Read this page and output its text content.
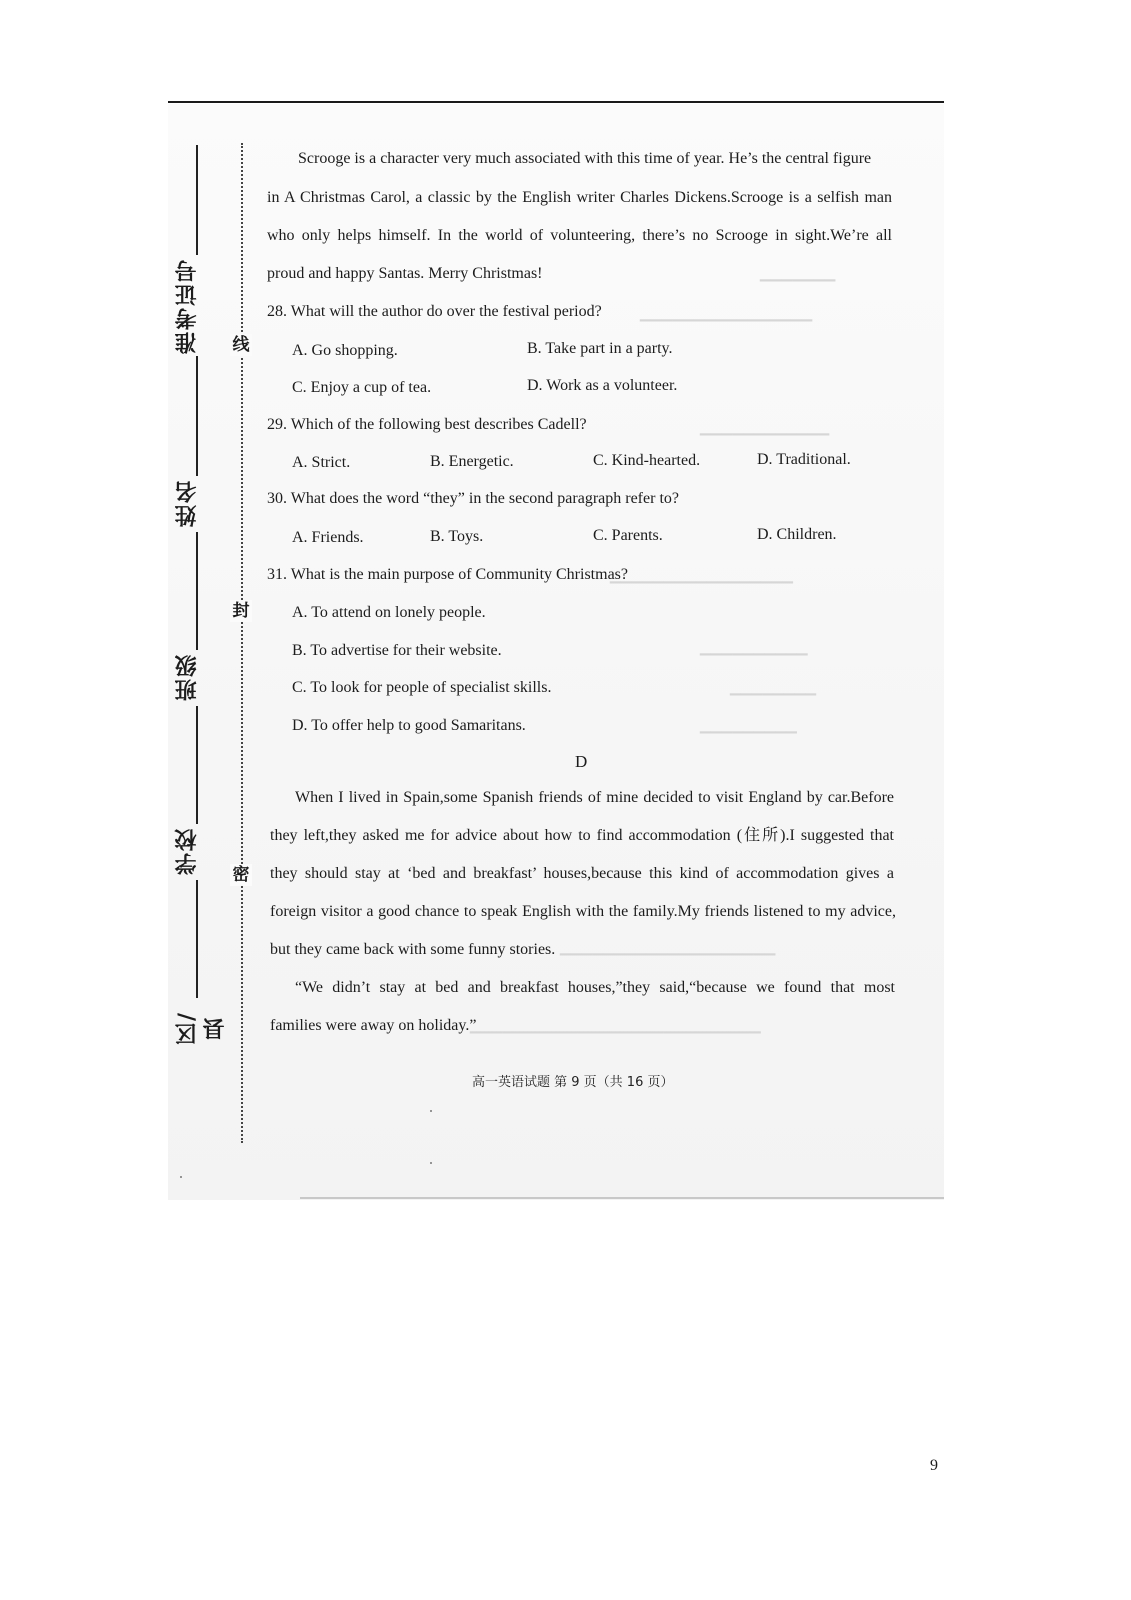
▁▁▁▁▁▁▁
▁▁▁▁▁▁▁▁▁▁▁▁▁▁▁▁
▁▁▁▁▁▁▁▁▁▁▁▁
▁▁▁▁▁▁▁▁▁▁▁▁▁▁▁▁▁
▁▁▁▁▁▁▁▁▁▁
▁▁▁▁▁▁▁▁
▁▁▁▁▁▁▁▁▁
▁▁▁▁▁▁▁▁▁▁▁▁▁▁▁▁▁▁▁▁
▁▁▁▁▁▁▁▁▁▁▁▁▁▁▁▁▁▁▁▁▁▁▁▁▁▁▁
线
封
密
准考证号
姓名
班级
学校
区/县
Scrooge is a character very much associated with this time of year. He’s the central figure
in A Christmas Carol, a classic by the English writer Charles Dickens.Scrooge is a selfish man
who only helps himself. In the world of volunteering, there’s no Scrooge in sight.We’re all
proud and happy Santas. Merry Christmas!
28. What will the author do over the festival period?
A. Go shopping.	B. Take part in a party.
C. Enjoy a cup of tea.	D. Work as a volunteer.
29. Which of the following best describes Cadell?
A. Strict.	B. Energetic.	C. Kind-hearted.	D. Traditional.
30. What does the word “they” in the second paragraph refer to?
A. Friends.	B. Toys.	C. Parents.	D. Children.
31. What is the main purpose of Community Christmas?
A. To attend on lonely people.
B. To advertise for their website.
C. To look for people of specialist skills.
D. To offer help to good Samaritans.
D
When I lived in Spain,some Spanish friends of mine decided to visit England by car.Before
they left,they asked me for advice about how to find accommodation (住所).I suggested that
they should stay at ‘bed and breakfast’ houses,because this kind of accommodation gives a
foreign visitor a good chance to speak English with the family.My friends listened to my advice,
but they came back with some funny stories.
“We didn’t stay at bed and breakfast houses,”they said,“because we found that most
families were away on holiday.”
高一英语试题 第 9 页（共 16 页）
9
